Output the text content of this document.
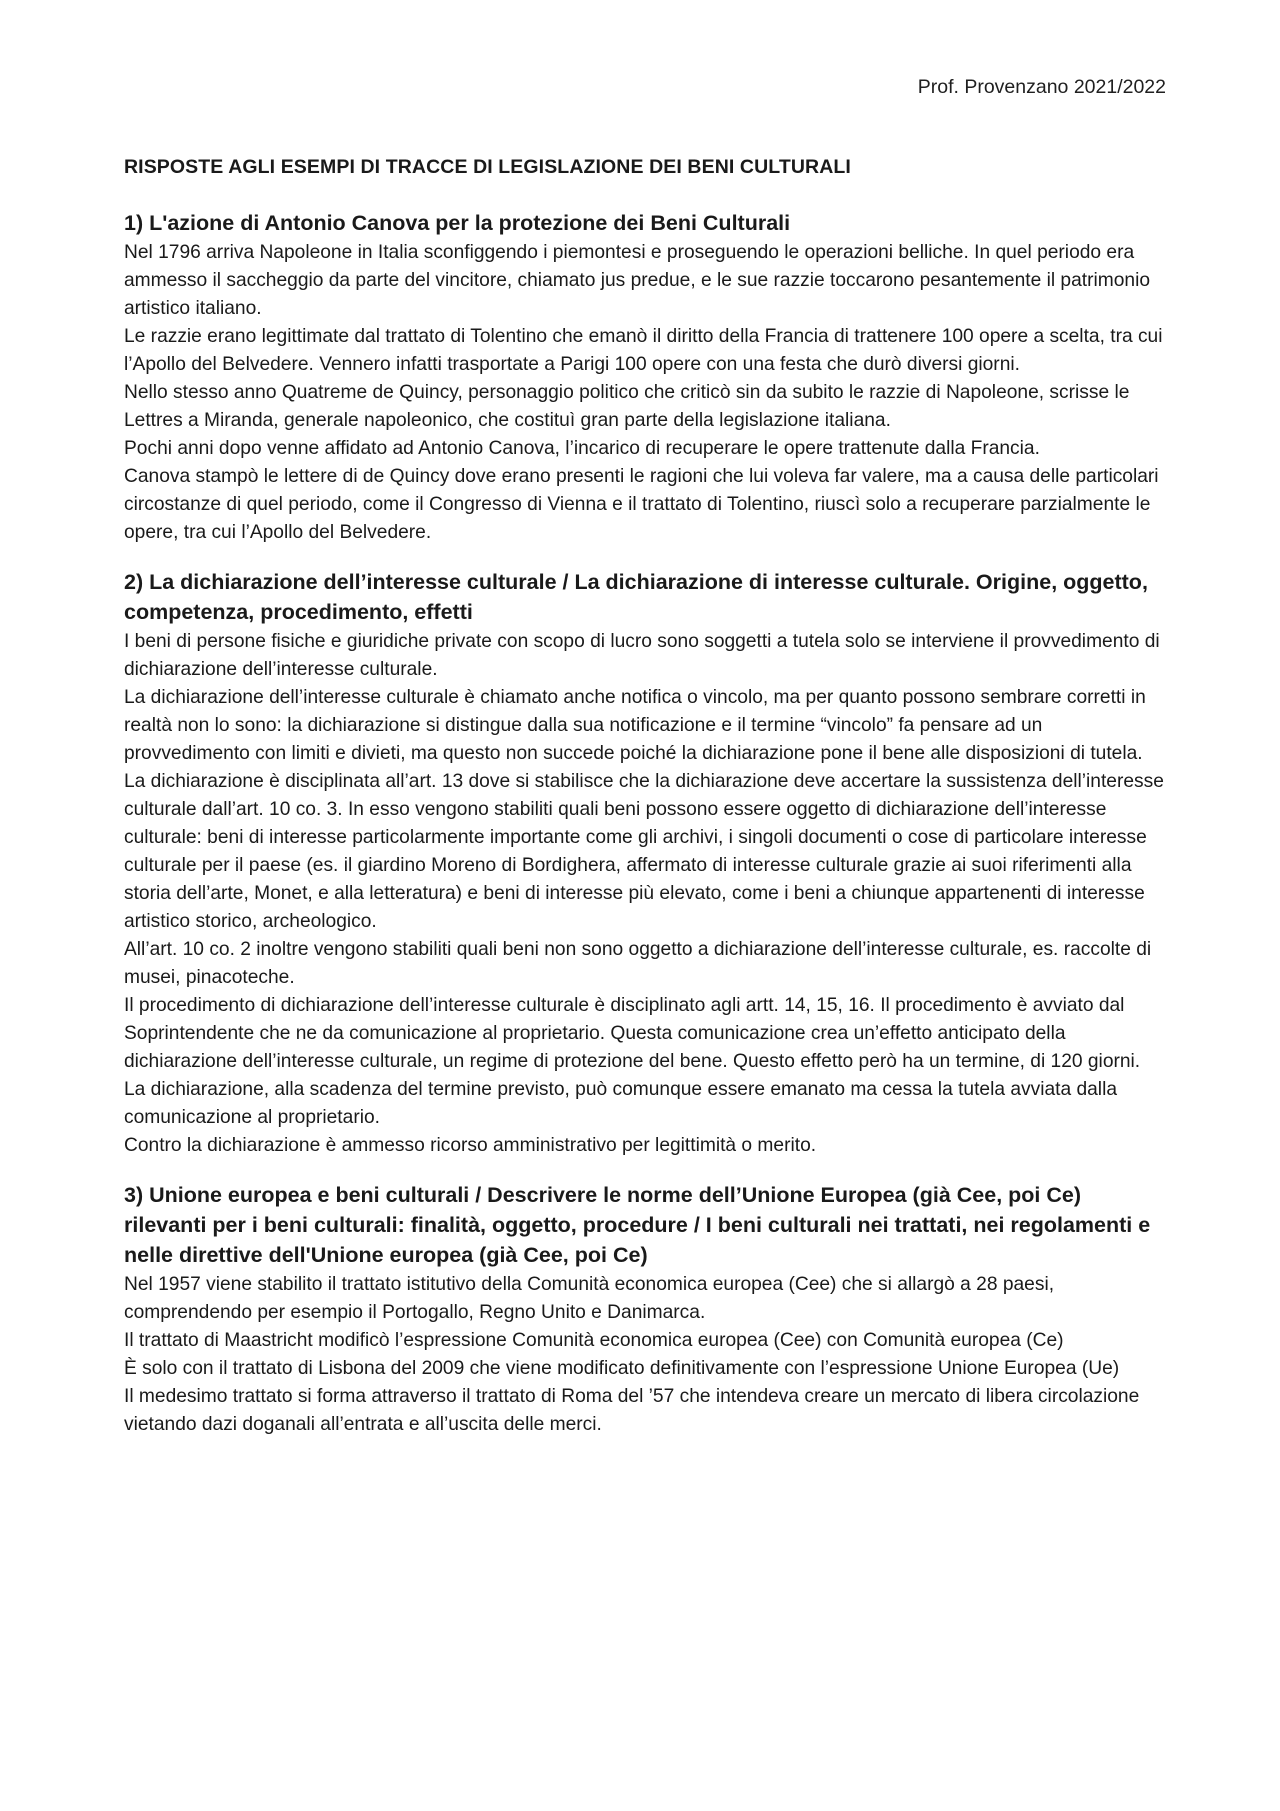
Prof. Provenzano 2021/2022
RISPOSTE AGLI ESEMPI DI TRACCE DI LEGISLAZIONE DEI BENI CULTURALI
1) L'azione di Antonio Canova per la protezione dei Beni Culturali

Nel 1796 arriva Napoleone in Italia sconfiggendo i piemontesi e proseguendo le operazioni belliche. In quel periodo era ammesso il saccheggio da parte del vincitore, chiamato jus predue, e le sue razzie toccarono pesantemente il patrimonio artistico italiano.

Le razzie erano legittimate dal trattato di Tolentino che emanò il diritto della Francia di trattenere 100 opere a scelta, tra cui l’Apollo del Belvedere. Vennero infatti trasportate a Parigi 100 opere con una festa che durò diversi giorni.

Nello stesso anno Quatreme de Quincy, personaggio politico che criticò sin da subito le razzie di Napoleone, scrisse le Lettres a Miranda, generale napoleonico, che costituì gran parte della legislazione italiana.

Pochi anni dopo venne affidato ad Antonio Canova, l’incarico di recuperare le opere trattenute dalla Francia.

Canova stampò le lettere di de Quincy dove erano presenti le ragioni che lui voleva far valere, ma a causa delle particolari circostanze di quel periodo, come il Congresso di Vienna e il trattato di Tolentino, riuscì solo a recuperare parzialmente le opere, tra cui l’Apollo del Belvedere.

2) La dichiarazione dell’interesse culturale / La dichiarazione di interesse culturale. Origine, oggetto, competenza, procedimento, effetti

I beni di persone fisiche e giuridiche private con scopo di lucro sono soggetti a tutela solo se interviene il provvedimento di dichiarazione dell’interesse culturale.

La dichiarazione dell’interesse culturale è chiamato anche notifica o vincolo, ma per quanto possono sembrare corretti in realtà non lo sono: la dichiarazione si distingue dalla sua notificazione e il termine “vincolo” fa pensare ad un provvedimento con limiti e divieti, ma questo non succede poiché la dichiarazione pone il bene alle disposizioni di tutela.

La dichiarazione è disciplinata all’art. 13 dove si stabilisce che la dichiarazione deve accertare la sussistenza dell’interesse culturale dall’art. 10 co. 3. In esso vengono stabiliti quali beni possono essere oggetto di dichiarazione dell’interesse culturale: beni di interesse particolarmente importante come gli archivi, i singoli documenti o cose di particolare interesse culturale per il paese (es. il giardino Moreno di Bordighera, affermato di interesse culturale grazie ai suoi riferimenti alla storia dell’arte, Monet, e alla letteratura) e beni di interesse più elevato, come i beni a chiunque appartenenti di interesse artistico storico, archeologico.

All’art. 10 co. 2 inoltre vengono stabiliti quali beni non sono oggetto a dichiarazione dell’interesse culturale, es. raccolte di musei, pinacoteche.

Il procedimento di dichiarazione dell’interesse culturale è disciplinato agli artt. 14, 15, 16. Il procedimento è avviato dal Soprintendente che ne da comunicazione al proprietario. Questa comunicazione crea un’effetto anticipato della dichiarazione dell’interesse culturale, un regime di protezione del bene. Questo effetto però ha un termine, di 120 giorni.

La dichiarazione, alla scadenza del termine previsto, può comunque essere emanato ma cessa la tutela avviata dalla comunicazione al proprietario.

Contro la dichiarazione è ammesso ricorso amministrativo per legittimità o merito.

3) Unione europea e beni culturali / Descrivere le norme dell’Unione Europea (già Cee, poi Ce) rilevanti per i beni culturali: finalità, oggetto, procedure / I beni culturali nei trattati, nei regolamenti e nelle direttive dell'Unione europea (già Cee, poi Ce)

Nel 1957 viene stabilito il trattato istitutivo della Comunità economica europea (Cee) che si allargò a 28 paesi, comprendendo per esempio il Portogallo, Regno Unito e Danimarca.

Il trattato di Maastricht modificò l’espressione Comunità economica europea (Cee) con Comunità europea (Ce)

È solo con il trattato di Lisbona del 2009 che viene modificato definitivamente con l’espressione Unione Europea (Ue)

Il medesimo trattato si forma attraverso il trattato di Roma del ’57 che intendeva creare un mercato di libera circolazione vietando dazi doganali all’entrata e all’uscita delle merci.
